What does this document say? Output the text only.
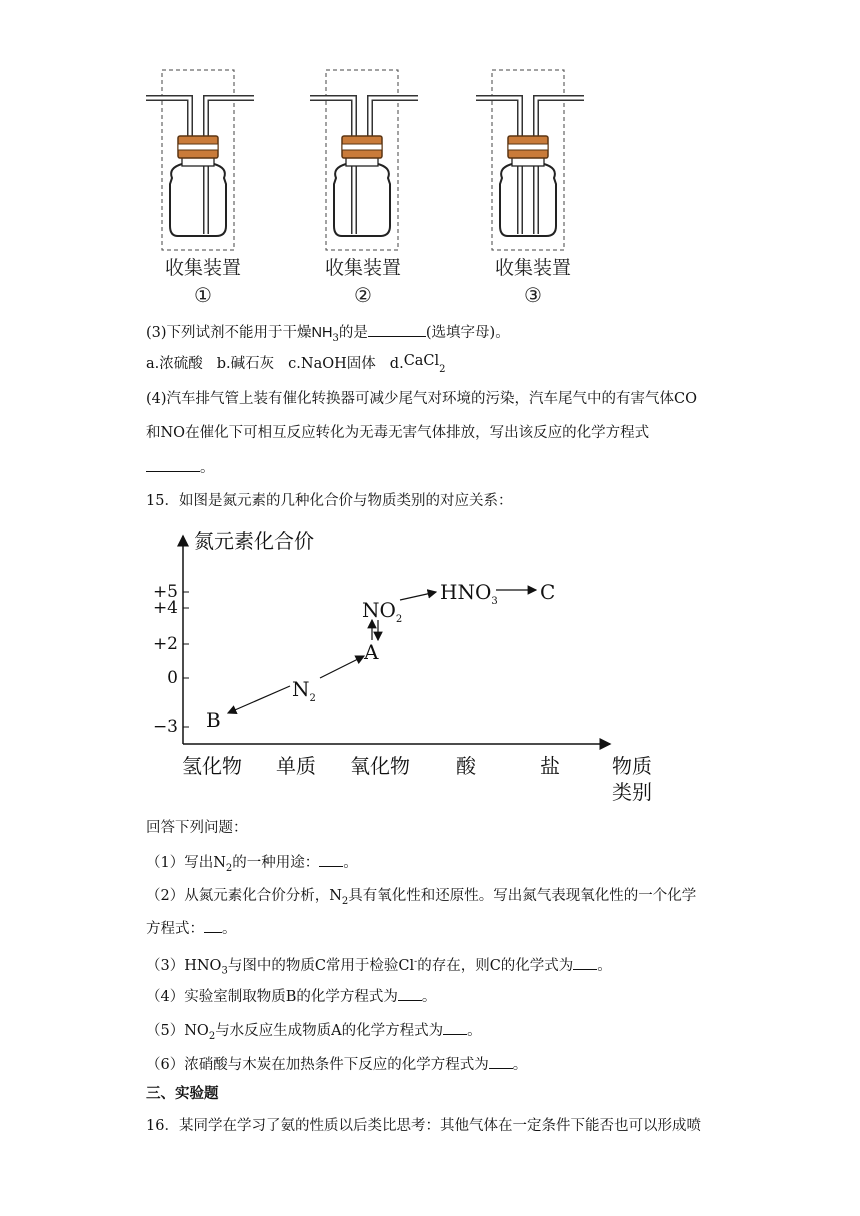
收集装置	收集装置	收集装置
①	②	③
(3)下列试剂不能用于干燥$NH_3$的是	(选填字母)。
a.浓硫酸 b.碱石灰 c.NaOH固体 d.CaCl$_2$
(4)汽车排气管上装有催化转换器可减少尾气对环境的污染，汽车尾气中的有害气体CO
和NO在催化下可相互反应转化为无毒无害气体排放，写出该反应的化学方程式
。
15．如图是氮元素的几种化合价与物质类别的对应关系：
氮元素化合价
+5
+4
+2
0
−3 B
$N_2$
A
$NO_2$
$HNO_3$ C
氢化物 单质 氧化物 酸	盐	物质
类别
回答下列问题：
（1）写出$N_2$的一种用途： 。
（2）从氮元素化合价分析，$N_2$具有氧化性和还原性。写出氮气表现氧化性的一个化学
方程式： 。
$(3)HNO_3$与图中的物质C常用于检验Cl-的存在，则C的化学式为 。
（4）实验室制取物质B的化学方程式为 。
$(5)NO_2$与水反应生成物质A的化学方程式为 。
（6）浓硝酸与木炭在加热条件下反应的化学方程式为 。
三、实验题
16．某同学在学习了氨的性质以后类比思考：其他气体在一定条件下能否也可以形成喷
